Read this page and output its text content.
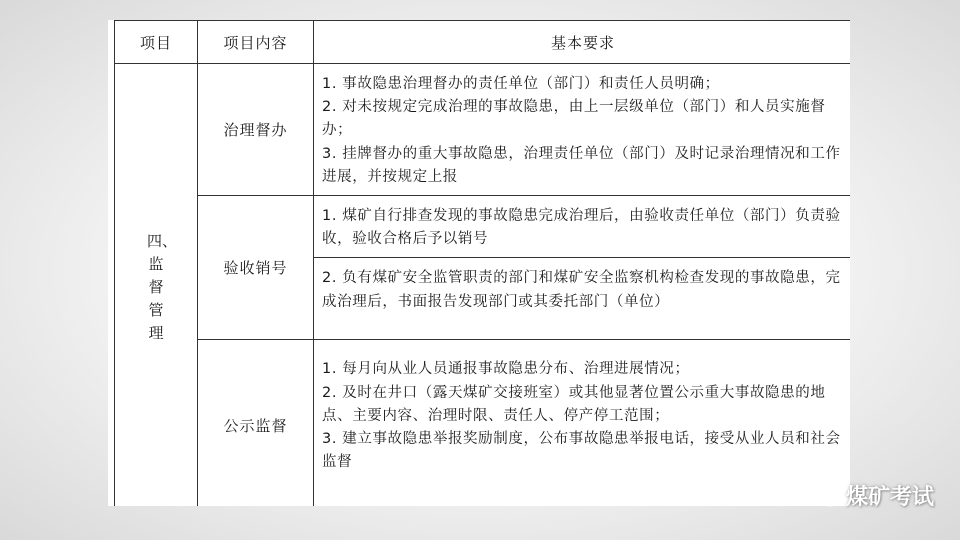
项目	项目内容	基本要求
四、监督管理	治理督办	1. 事故隐患治理督办的责任单位（部门）和责任人员明确；
2. 对未按规定完成治理的事故隐患，由上一层级单位（部门）和人员实施督办；
3. 挂牌督办的重大事故隐患，治理责任单位（部门）及时记录治理情况和工作进展，并按规定上报

	验收销号	1. 煤矿自行排查发现的事故隐患完成治理后，由验收责任单位（部门）负责验收，验收合格后予以销号

		2. 负有煤矿安全监管职责的部门和煤矿安全监察机构检查发现的事故隐患，完成治理后，书面报告发现部门或其委托部门（单位）

	公示监督	1. 每月向从业人员通报事故隐患分布、治理进展情况；
2. 及时在井口（露天煤矿交接班室）或其他显著位置公示重大事故隐患的地点、主要内容、治理时限、责任人、停产停工范围；
3. 建立事故隐患举报奖励制度，公布事故隐患举报电话，接受从业人员和社会监督
煤矿考试
